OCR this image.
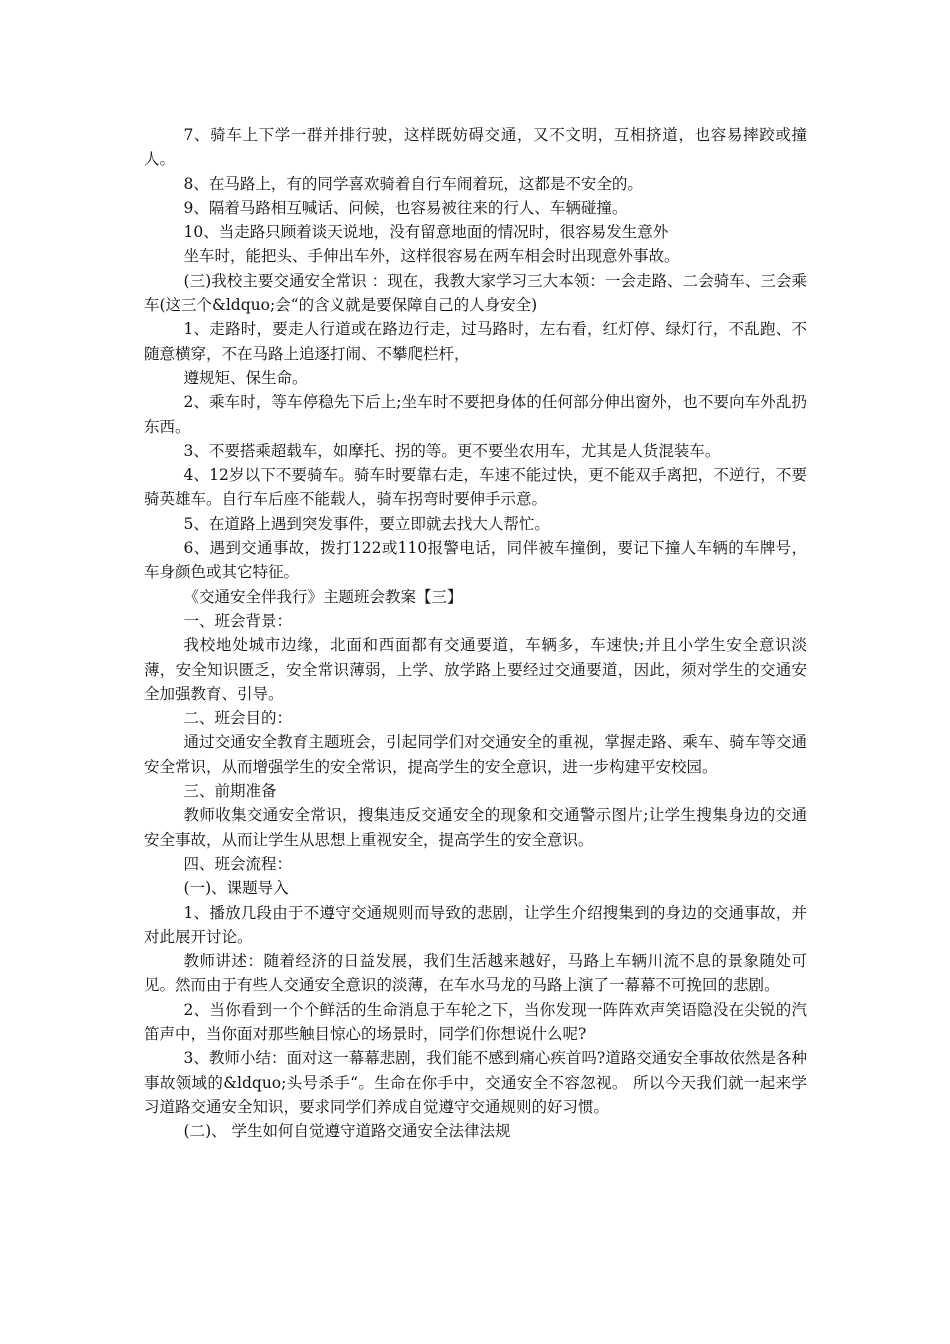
7、骑车上下学一群并排行驶，这样既妨碍交通，又不文明，互相挤道，也容易摔跤或撞人。

8、在马路上，有的同学喜欢骑着自行车闹着玩，这都是不安全的。

9、隔着马路相互喊话、问候，也容易被往来的行人、车辆碰撞。

10、当走路只顾着谈天说地，没有留意地面的情况时，很容易发生意外

坐车时，能把头、手伸出车外，这样很容易在两车相会时出现意外事故。

(三)我校主要交通安全常识 ：现在，我教大家学习三大本领：一会走路、二会骑车、三会乘车(这三个&ldquo;会“的含义就是要保障自己的人身安全)

1、走路时，要走人行道或在路边行走，过马路时，左右看，红灯停、绿灯行，不乱跑、不随意横穿，不在马路上追逐打闹、不攀爬栏杆，

遵规矩、保生命。

2、乘车时，等车停稳先下后上;坐车时不要把身体的任何部分伸出窗外，也不要向车外乱扔东西。

3、不要搭乘超载车，如摩托、拐的等。更不要坐农用车，尤其是人货混装车。

4、12岁以下不要骑车。骑车时要靠右走，车速不能过快，更不能双手离把，不逆行，不要骑英雄车。自行车后座不能载人，骑车拐弯时要伸手示意。

5、在道路上遇到突发事件，要立即就去找大人帮忙。

6、遇到交通事故，拨打122或110报警电话，同伴被车撞倒，要记下撞人车辆的车牌号，车身颜色或其它特征。

《交通安全伴我行》主题班会教案【三】

一、班会背景：

我校地处城市边缘，北面和西面都有交通要道，车辆多，车速快;并且小学生安全意识淡薄，安全知识匮乏，安全常识薄弱，上学、放学路上要经过交通要道，因此，须对学生的交通安全加强教育、引导。

二、班会目的：

通过交通安全教育主题班会，引起同学们对交通安全的重视，掌握走路、乘车、骑车等交通安全常识，从而增强学生的安全常识，提高学生的安全意识，进一步构建平安校园。

三、前期准备

教师收集交通安全常识，搜集违反交通安全的现象和交通警示图片;让学生搜集身边的交通安全事故，从而让学生从思想上重视安全，提高学生的安全意识。

四、班会流程：

(一)、课题导入

1、播放几段由于不遵守交通规则而导致的悲剧，让学生介绍搜集到的身边的交通事故，并对此展开讨论。

教师讲述：随着经济的日益发展，我们生活越来越好，马路上车辆川流不息的景象随处可见。然而由于有些人交通安全意识的淡薄，在车水马龙的马路上演了一幕幕不可挽回的悲剧。

2、当你看到一个个鲜活的生命消息于车轮之下，当你发现一阵阵欢声笑语隐没在尖锐的汽笛声中，当你面对那些触目惊心的场景时，同学们你想说什么呢?

3、教师小结：面对这一幕幕悲剧，我们能不感到痛心疾首吗?道路交通安全事故依然是各种事故领域的&ldquo;头号杀手“。生命在你手中，交通安全不容忽视。 所以今天我们就一起来学习道路交通安全知识，要求同学们养成自觉遵守交通规则的好习惯。

(二)、 学生如何自觉遵守道路交通安全法律法规
